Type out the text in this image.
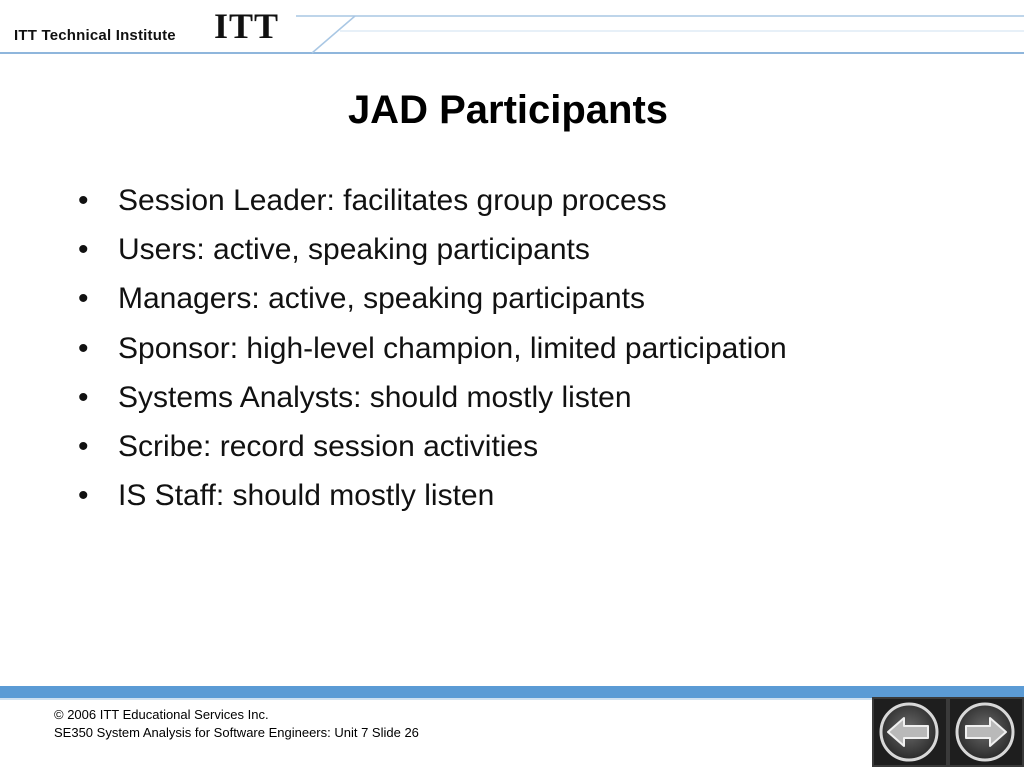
ITT Technical Institute ITT
JAD Participants
• Session Leader: facilitates group process
• Users: active, speaking participants
• Managers: active, speaking participants
• Sponsor: high-level champion, limited participation
• Systems Analysts: should mostly listen
• Scribe: record session activities
• IS Staff: should mostly listen
© 2006 ITT Educational Services Inc.
SE350 System Analysis for Software Engineers: Unit 7 Slide 26
